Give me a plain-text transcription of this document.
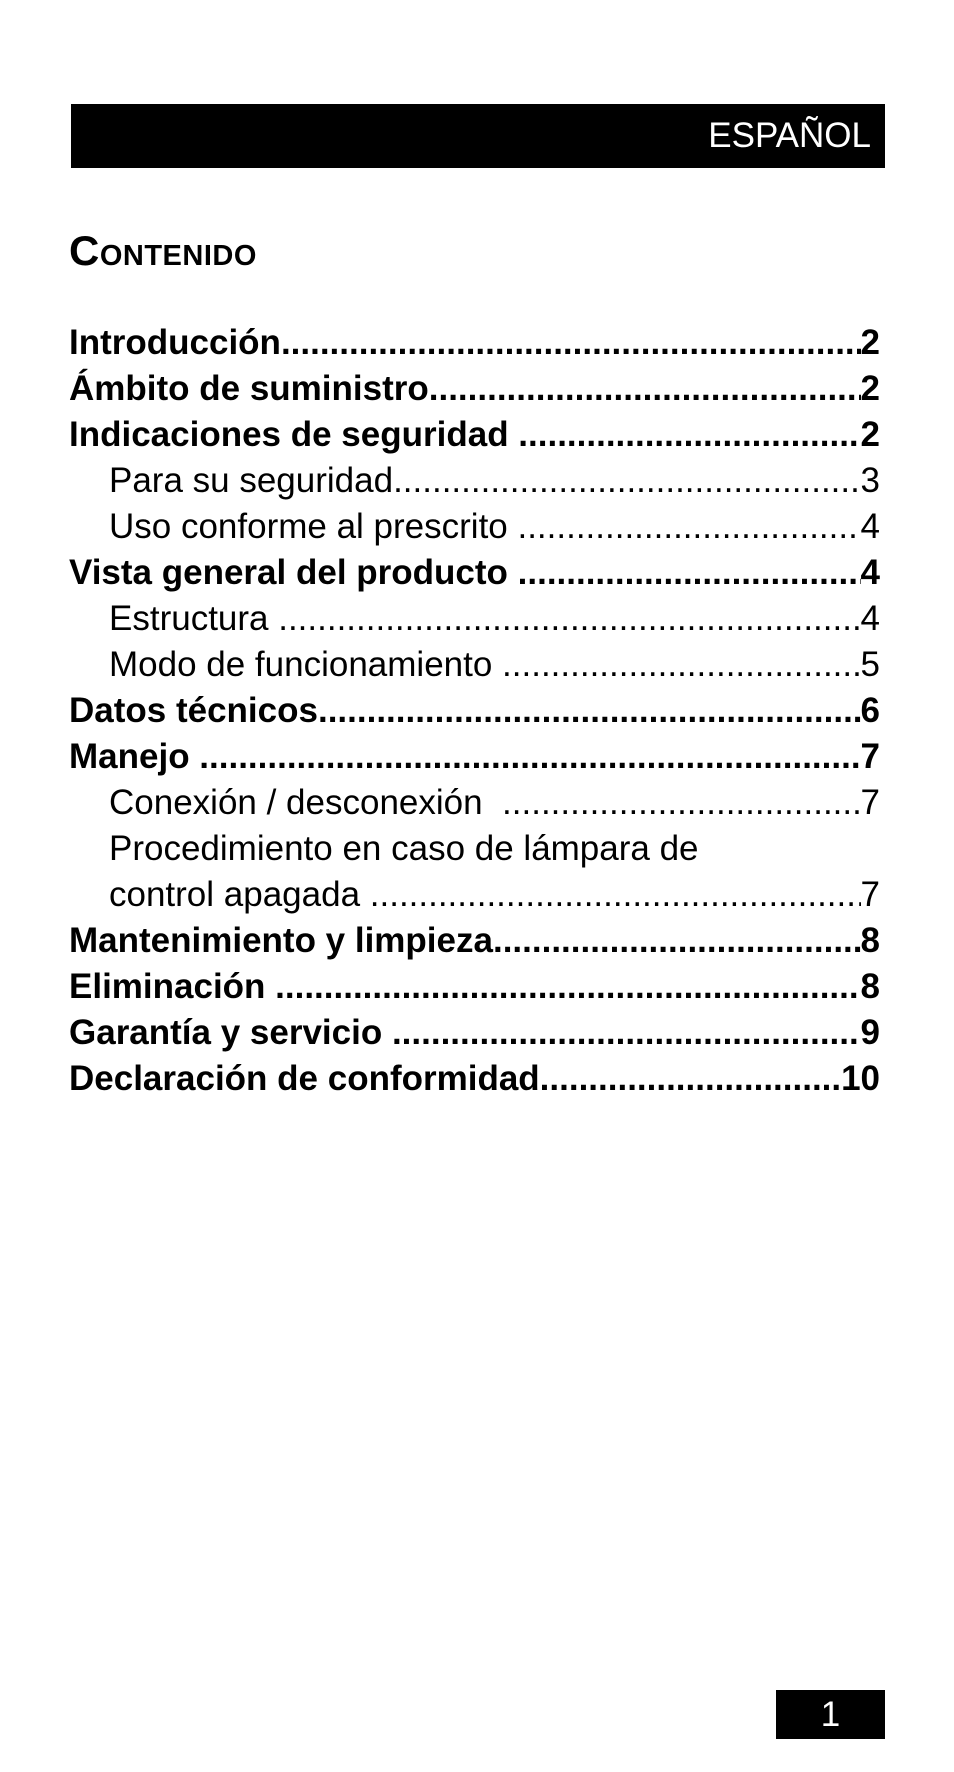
ESPAÑOL
Contenido
Introducción .....	2
Ámbito de suministro .....	2
Indicaciones de seguridad .....	2
Para su seguridad .....	3
Uso conforme al prescrito .....	4
Vista general del producto .....	4
Estructura .....	4
Modo de funcionamiento .....	5
Datos técnicos .....	6
Manejo .....	7
Conexión / desconexión .....	7
Procedimiento en caso de lámpara de
control apagada .....	7
Mantenimiento y limpieza .....	8
Eliminación .....	8
Garantía y servicio .....	9
Declaración de conformidad .....	10
1
